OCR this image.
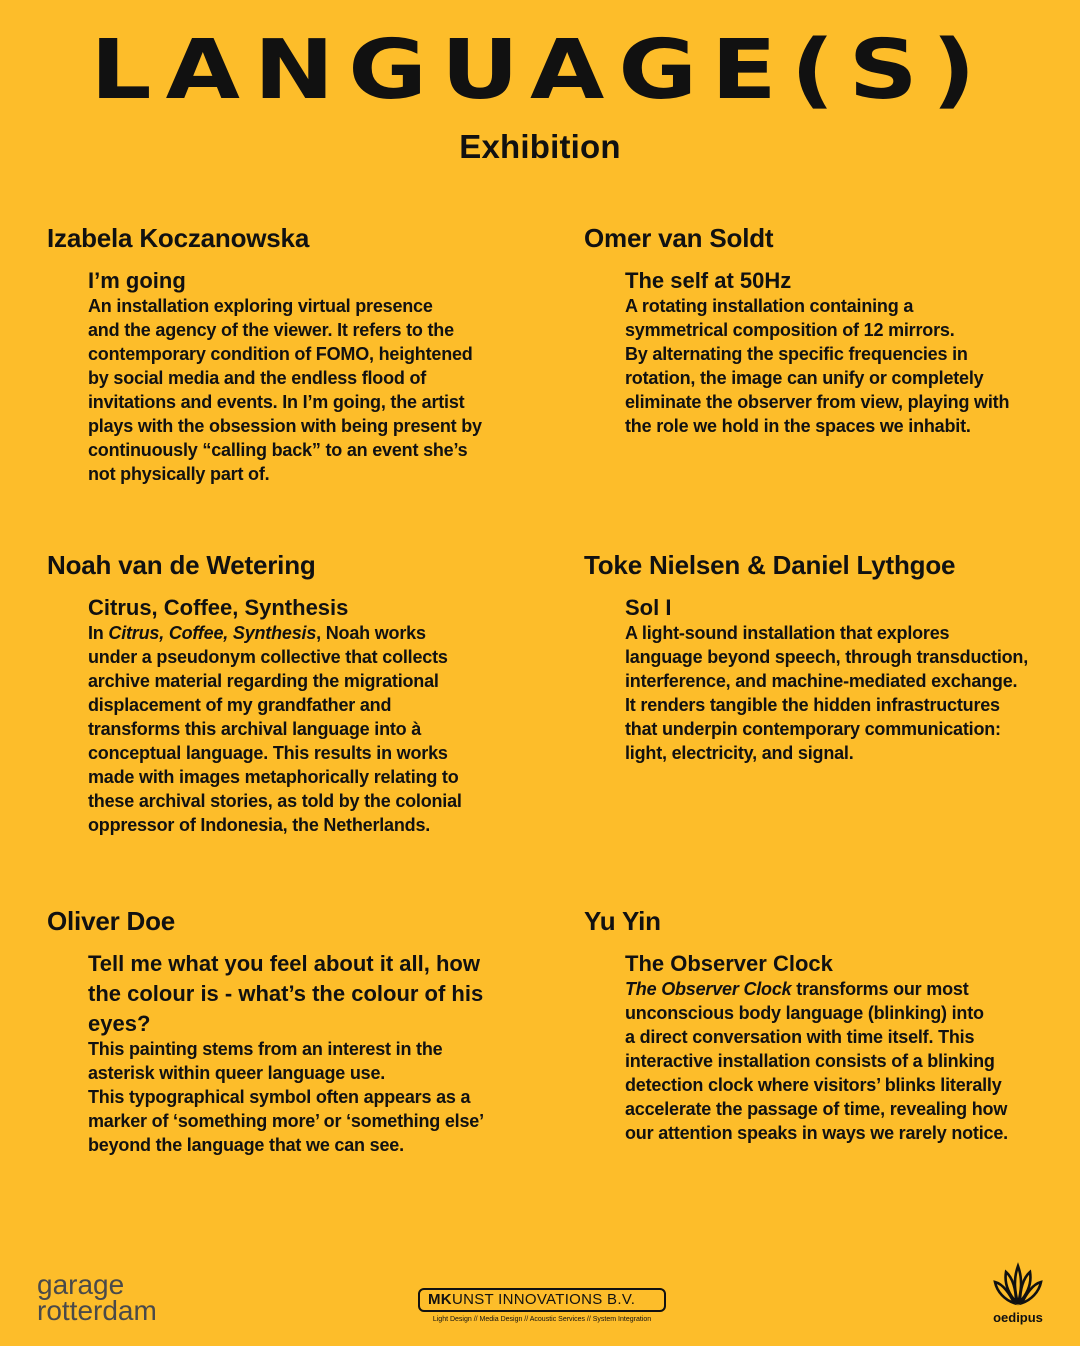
LANGUAGE(S)
Exhibition
Izabela Koczanowska
I’m going

An installation exploring virtual presence

and the agency of the viewer. It refers to the

contemporary condition of FOMO, heightened

by social media and the endless flood of

invitations and events. In I’m going, the artist

plays with the obsession with being present by

continuously “calling back” to an event she’s

not physically part of.

Omer van Soldt
The self at 50Hz

A rotating installation containing a

symmetrical composition of 12 mirrors.

By alternating the specific frequencies in

rotation, the image can unify or completely

eliminate the observer from view, playing with

the role we hold in the spaces we inhabit.

Noah van de Wetering
Citrus, Coffee, Synthesis

In Citrus, Coffee, Synthesis, Noah works

under a pseudonym collective that collects

archive material regarding the migrational

displacement of my grandfather and

transforms this archival language into à

conceptual language. This results in works

made with images metaphorically relating to

these archival stories, as told by the colonial

oppressor of Indonesia, the Netherlands.

Toke Nielsen & Daniel Lythgoe
Sol I

A light-sound installation that explores

language beyond speech, through transduction,

interference, and machine-mediated exchange.

It renders tangible the hidden infrastructures

that underpin contemporary communication:

light, electricity, and signal.

Oliver Doe
Tell me what you feel about it all, how
the colour is - what’s the colour of his
eyes?

This painting stems from an interest in the

asterisk within queer language use.

This typographical symbol often appears as a

marker of ‘something more’ or ‘something else’

beyond the language that we can see.

Yu Yin
The Observer Clock

The Observer Clock transforms our most

unconscious body language (blinking) into

a direct conversation with time itself. This

interactive installation consists of a blinking

detection clock where visitors’ blinks literally

accelerate the passage of time, revealing how

our attention speaks in ways we rarely notice.

garage
rotterdam	MK UNST INNOVATIONS B.V.
Light Design // Media Design // Acoustic Services // System Integration	oedipus
